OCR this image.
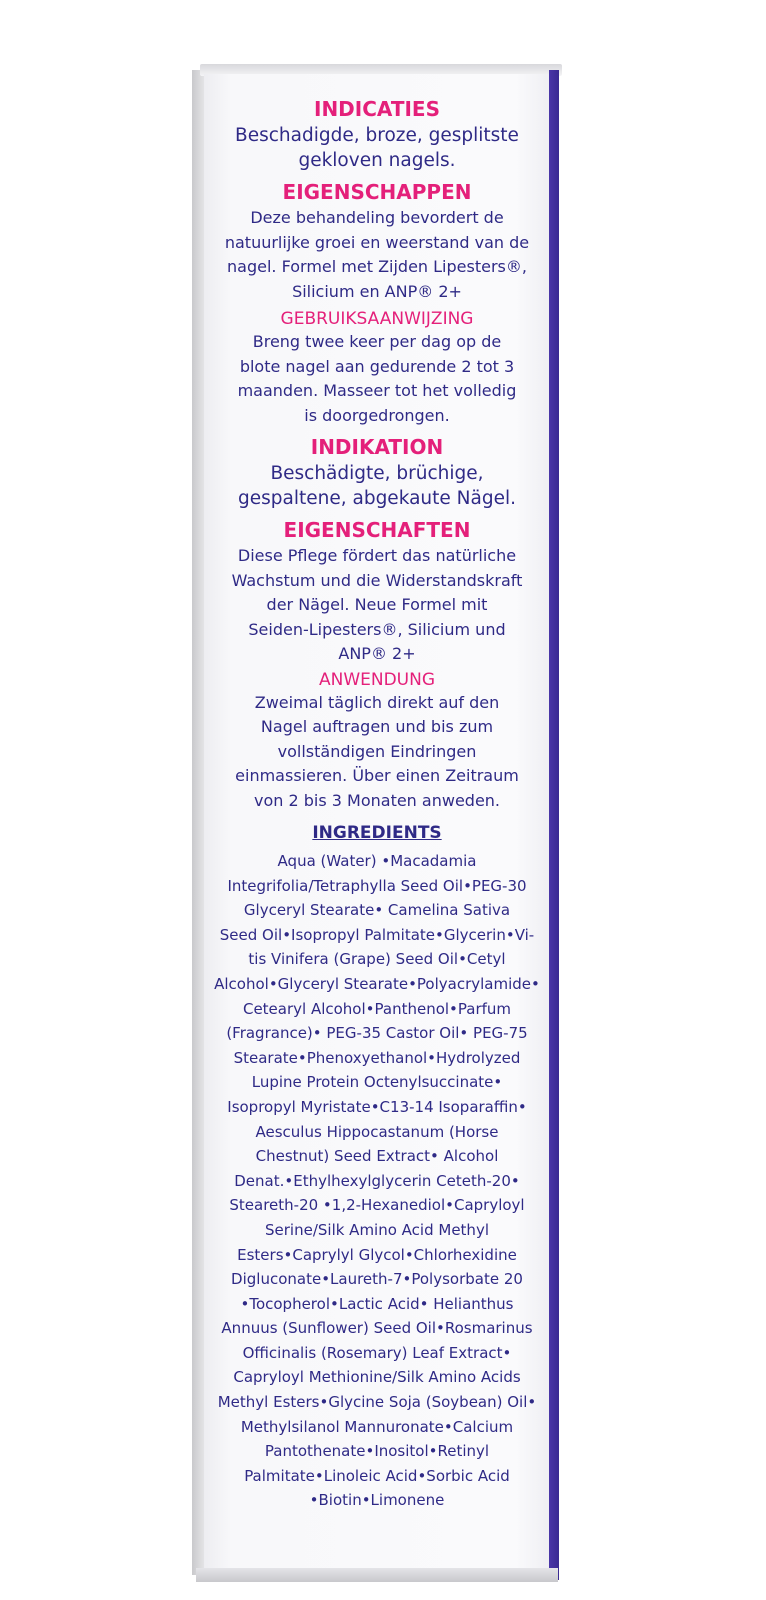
INDICATIES

Beschadigde, broze, gesplitste
gekloven nagels.

EIGENSCHAPPEN

Deze behandeling bevordert de
natuurlijke groei en weerstand van de
nagel. Formel met Zijden Lipesters®,
Silicium en ANP® 2+

GEBRUIKSAANWIJZING

Breng twee keer per dag op de
blote nagel aan gedurende 2 tot 3
maanden. Masseer tot het volledig
is doorgedrongen.

INDIKATION

Beschädigte, brüchige,
gespaltene, abgekaute Nägel.

EIGENSCHAFTEN

Diese Pflege fördert das natürliche
Wachstum und die Widerstandskraft
der Nägel. Neue Formel mit
Seiden-Lipesters®, Silicium und
ANP® 2+

ANWENDUNG

Zweimal täglich direkt auf den
Nagel auftragen und bis zum
vollständigen Eindringen
einmassieren. Über einen Zeitraum
von 2 bis 3 Monaten anweden.

INGREDIENTS

Aqua (Water) •Macadamia
Integrifolia/Tetraphylla Seed Oil•PEG-30
Glyceryl Stearate• Camelina Sativa
Seed Oil•Isopropyl Palmitate•Glycerin•Vi-
tis Vinifera (Grape) Seed Oil•Cetyl
Alcohol•Glyceryl Stearate•Polyacrylamide•
Cetearyl Alcohol•Panthenol•Parfum
(Fragrance)• PEG-35 Castor Oil• PEG-75
Stearate•Phenoxyethanol•Hydrolyzed
Lupine Protein Octenylsuccinate•
Isopropyl Myristate•C13-14 Isoparaffin•
Aesculus Hippocastanum (Horse
Chestnut) Seed Extract• Alcohol
Denat.•Ethylhexylglycerin Ceteth-20•
Steareth-20 •1,2-Hexanediol•Capryloyl
Serine/Silk Amino Acid Methyl
Esters•Caprylyl Glycol•Chlorhexidine
Digluconate•Laureth-7•Polysorbate 20
•Tocopherol•Lactic Acid• Helianthus
Annuus (Sunflower) Seed Oil•Rosmarinus
Officinalis (Rosemary) Leaf Extract•
Capryloyl Methionine/Silk Amino Acids
Methyl Esters•Glycine Soja (Soybean) Oil•
Methylsilanol Mannuronate•Calcium
Pantothenate•Inositol•Retinyl
Palmitate•Linoleic Acid•Sorbic Acid
•Biotin•Limonene
